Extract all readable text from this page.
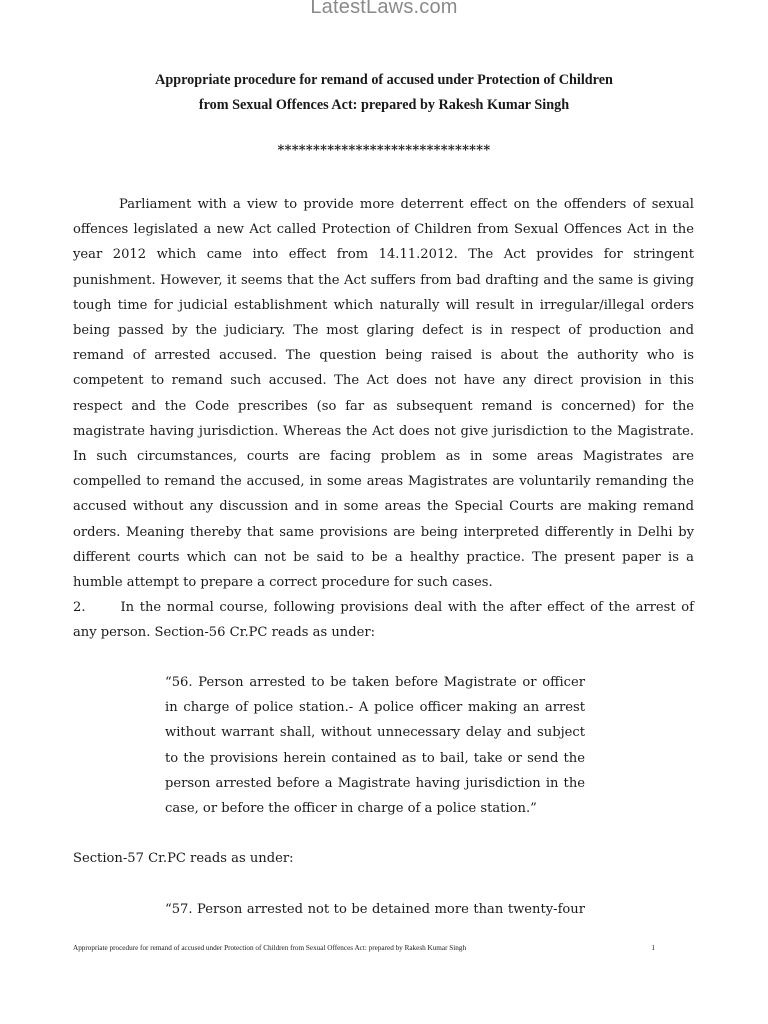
LatestLaws.com
Appropriate procedure for remand of accused under Protection of Children
from Sexual Offences Act: prepared by Rakesh Kumar Singh
******************************

Parliament with a view to provide more deterrent effect on the offenders of sexual offences legislated a new Act called Protection of Children from Sexual Offences Act in the year 2012 which came into effect from 14.11.2012. The Act provides for stringent punishment. However, it seems that the Act suffers from bad drafting and the same is giving tough time for judicial establishment which naturally will result in irregular/illegal orders being passed by the judiciary. The most glaring defect is in respect of production and remand of arrested accused. The question being raised is about the authority who is competent to remand such accused. The Act does not have any direct provision in this respect and the Code prescribes (so far as subsequent remand is concerned) for the magistrate having jurisdiction. Whereas the Act does not give jurisdiction to the Magistrate. In such circumstances, courts are facing problem as in some areas Magistrates are compelled to remand the accused, in some areas Magistrates are voluntarily remanding the accused without any discussion and in some areas the Special Courts are making remand orders. Meaning thereby that same provisions are being interpreted differently in Delhi by different courts which can not be said to be a healthy practice. The present paper is a humble attempt to prepare a correct procedure for such cases.

2.	In the normal course, following provisions deal with the after effect of the arrest of any person. Section-56 Cr.PC reads as under:

“56. Person arrested to be taken before Magistrate or officer in charge of police station.- A police officer making an arrest without warrant shall, without unnecessary delay and subject to the provisions herein contained as to bail, take or send the person arrested before a Magistrate having jurisdiction in the case, or before the officer in charge of a police station.”

Section-57 Cr.PC reads as under:

“57. Person arrested not to be detained more than twenty-four

Appropriate procedure for remand of accused under Protection of Children from Sexual Offences Act: prepared by Rakesh Kumar Singh	1
